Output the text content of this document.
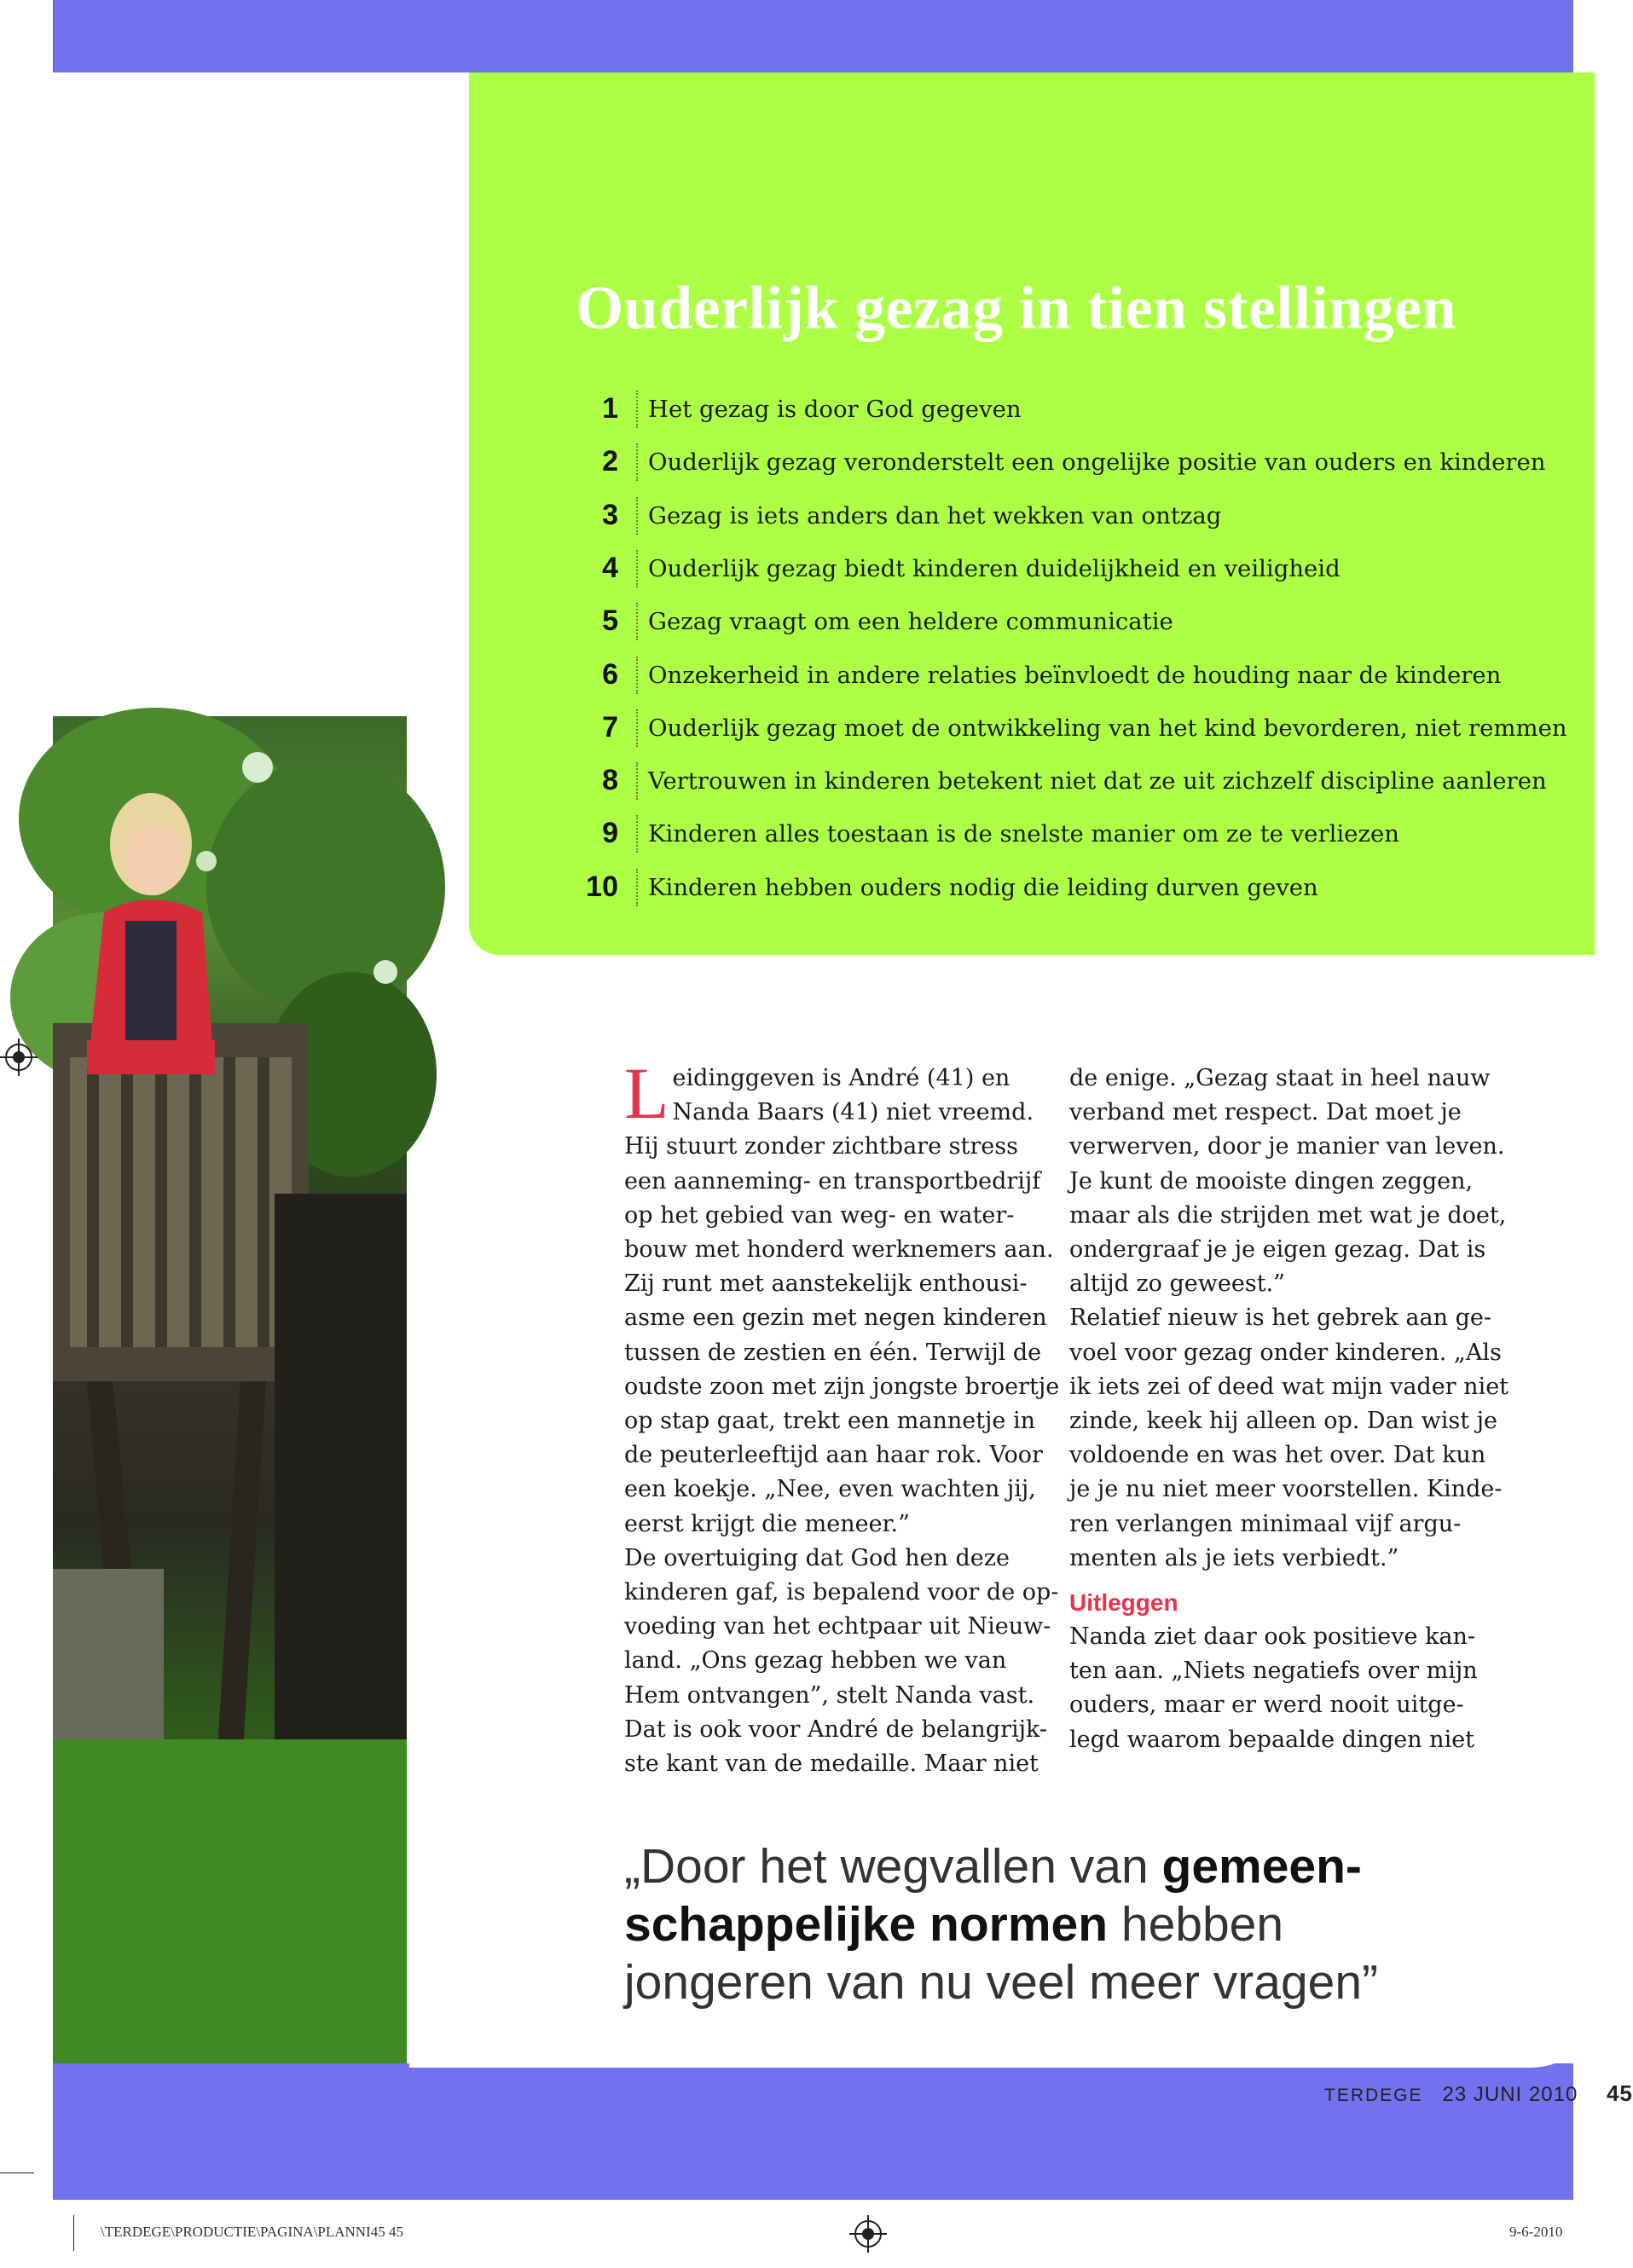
Ouderlijk gezag in tien stellingen
1 Het gezag is door God gegeven
2 Ouderlijk gezag veronderstelt een ongelijke positie van ouders en kinderen
3 Gezag is iets anders dan het wekken van ontzag
4 Ouderlijk gezag biedt kinderen duidelijkheid en veiligheid
5 Gezag vraagt om een heldere communicatie
6 Onzekerheid in andere relaties beïnvloedt de houding naar de kinderen
7 Ouderlijk gezag moet de ontwikkeling van het kind bevorderen, niet remmen
8 Vertrouwen in kinderen betekent niet dat ze uit zichzelf discipline aanleren
9 Kinderen alles toestaan is de snelste manier om ze te verliezen
10 Kinderen hebben ouders nodig die leiding durven geven
L eidinggeven is André (41) en

Nanda Baars (41) niet vreemd.

Hij stuurt zonder zichtbare stress

een aanneming- en transportbedrijf

op het gebied van weg- en water-

bouw met honderd werknemers aan.

Zij runt met aanstekelijk enthousi-

asme een gezin met negen kinderen

tussen de zestien en één. Terwijl de

oudste zoon met zijn jongste broertje

op stap gaat, trekt een mannetje in

de peuterleeftijd aan haar rok. Voor

een koekje. „Nee, even wachten jij,

eerst krijgt die meneer.”

De overtuiging dat God hen deze

kinderen gaf, is bepalend voor de op-

voeding van het echtpaar uit Nieuw-

land. „Ons gezag hebben we van

Hem ontvangen”, stelt Nanda vast.

Dat is ook voor André de belangrijk-

ste kant van de medaille. Maar niet

de enige. „Gezag staat in heel nauw

verband met respect. Dat moet je

verwerven, door je manier van leven.

Je kunt de mooiste dingen zeggen,

maar als die strijden met wat je doet,

ondergraaf je je eigen gezag. Dat is

altijd zo geweest.”

Relatief nieuw is het gebrek aan ge-

voel voor gezag onder kinderen. „Als

ik iets zei of deed wat mijn vader niet

zinde, keek hij alleen op. Dan wist je

voldoende en was het over. Dat kun

je je nu niet meer voorstellen. Kinde-

ren verlangen minimaal vijf argu-

menten als je iets verbiedt.”

Uitleggen

Nanda ziet daar ook positieve kan-

ten aan. „Niets negatiefs over mijn

ouders, maar er werd nooit uitge-

legd waarom bepaalde dingen niet

„Door het wegvallen van gemeen-
schappelijke normen hebben
jongeren van nu veel meer vragen”
TERDEGE 23 JUNI 2010 45
\TERDEGE\PRODUCTIE\PAGINA\PLANNI45 45	9-6-2010
